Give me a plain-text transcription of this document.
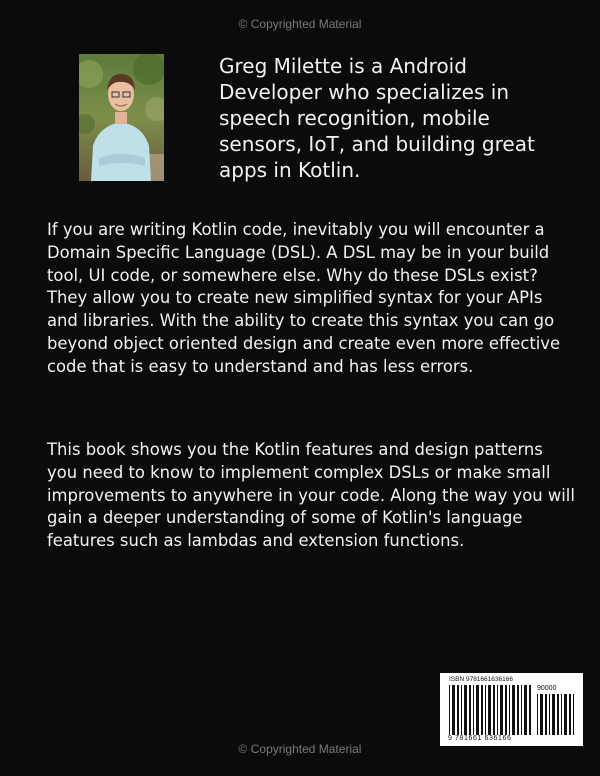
© Copyrighted Material
Greg Milette is a Android Developer who specializes in speech recognition, mobile sensors, IoT, and building great apps in Kotlin.

If you are writing Kotlin code, inevitably you will encounter a Domain Specific Language (DSL). A DSL may be in your build tool, UI code, or somewhere else. Why do these DSLs exist? They allow you to create new simplified syntax for your APIs and libraries. With the ability to create this syntax you can go beyond object oriented design and create even more effective code that is easy to understand and has less errors.

This book shows you the Kotlin features and design patterns you need to know to implement complex DSLs or make small improvements to anywhere in your code. Along the way you will gain a deeper understanding of some of Kotlin's language features such as lambdas and extension functions.

ISBN 9781661636166
90000
9 781661 636166
© Copyrighted Material
